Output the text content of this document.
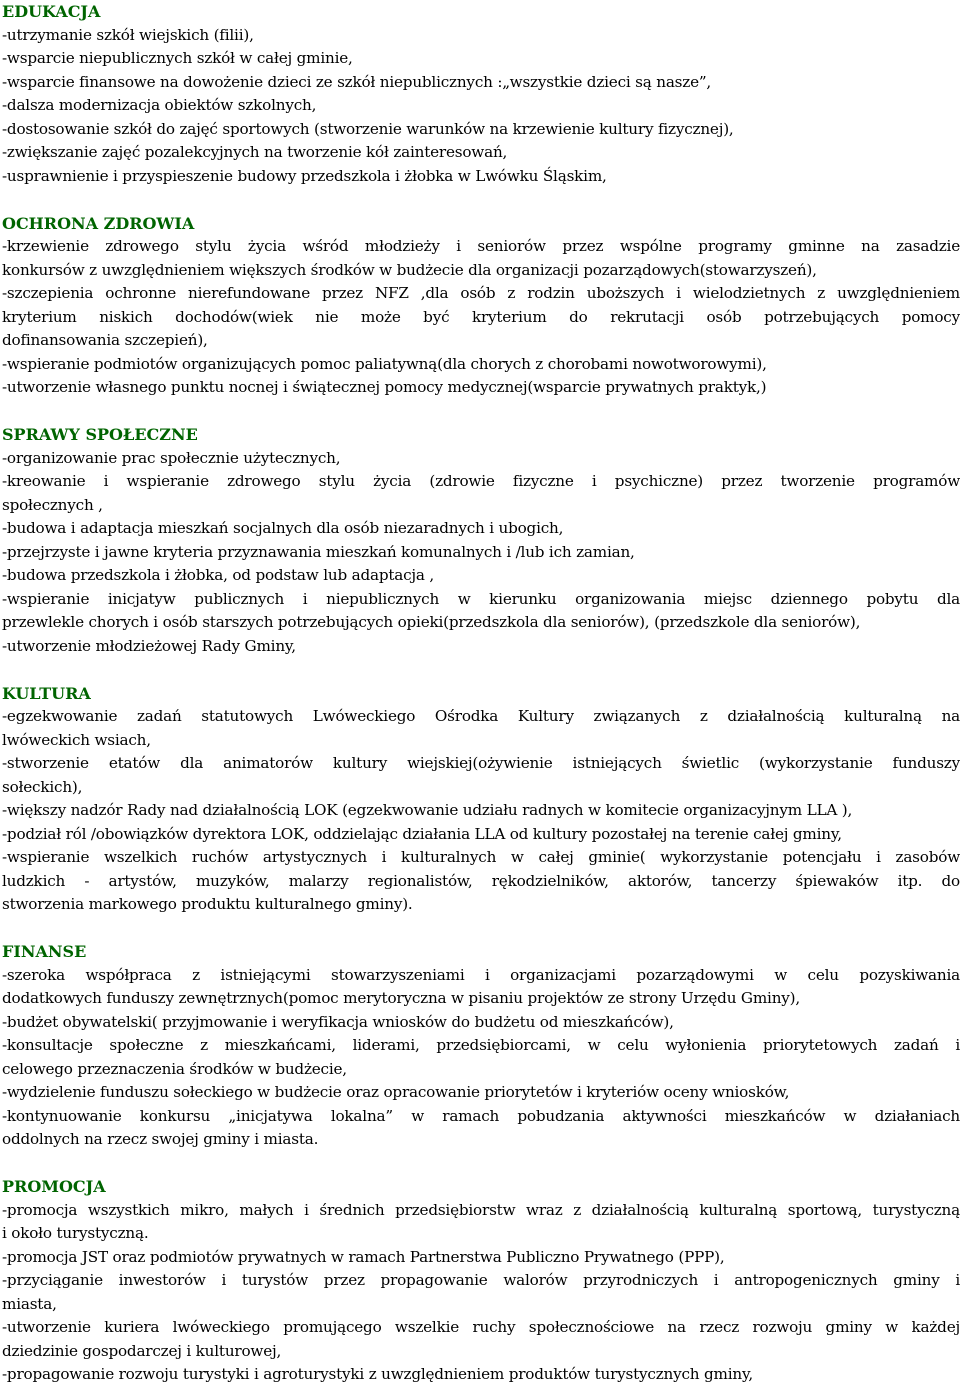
EDUKACJA
-utrzymanie szkół wiejskich (filii),
-wsparcie niepublicznych szkół w całej gminie,
-wsparcie finansowe na dowożenie dzieci ze szkół niepublicznych :„wszystkie dzieci są nasze”,
-dalsza modernizacja obiektów szkolnych,
-dostosowanie szkół do zajęć sportowych (stworzenie warunków na krzewienie kultury fizycznej),
-zwiększanie zajęć pozalekcyjnych na tworzenie kół zainteresowań,
-usprawnienie i przyspieszenie budowy przedszkola i żłobka w Lwówku Śląskim,
OCHRONA ZDROWIA
-krzewienie zdrowego stylu życia wśród młodzieży i seniorów przez wspólne programy gminne na zasadzie
konkursów z uwzględnieniem większych środków w budżecie dla organizacji pozarządowych(stowarzyszeń),
-szczepienia ochronne nierefundowane przez NFZ ,dla osób z rodzin uboższych i wielodzietnych z uwzględnieniem
kryterium niskich dochodów(wiek nie może być kryterium do rekrutacji osób potrzebujących pomocy
dofinansowania szczepień),
-wspieranie podmiotów organizujących pomoc paliatywną(dla chorych z chorobami nowotworowymi),
-utworzenie własnego punktu nocnej i świątecznej pomocy medycznej(wsparcie prywatnych praktyk,)
SPRAWY SPOŁECZNE
-organizowanie prac społecznie użytecznych,
-kreowanie i wspieranie zdrowego stylu życia (zdrowie fizyczne i psychiczne) przez tworzenie programów
społecznych ,
-budowa i adaptacja mieszkań socjalnych dla osób niezaradnych i ubogich,
-przejrzyste i jawne kryteria przyznawania mieszkań komunalnych i /lub ich zamian,
-budowa przedszkola i żłobka, od podstaw lub adaptacja ,
-wspieranie inicjatyw publicznych i niepublicznych w kierunku organizowania miejsc dziennego pobytu dla
przewlekle chorych i osób starszych potrzebujących opieki(przedszkola dla seniorów), (przedszkole dla seniorów),
-utworzenie młodzieżowej Rady Gminy,
KULTURA
-egzekwowanie zadań statutowych Lwóweckiego Ośrodka Kultury związanych z działalnością kulturalną na
lwóweckich wsiach,
-stworzenie etatów dla animatorów kultury wiejskiej(ożywienie istniejących świetlic (wykorzystanie funduszy
sołeckich),
-większy nadzór Rady nad działalnością LOK (egzekwowanie udziału radnych w komitecie organizacyjnym LLA ),
-podział ról /obowiązków dyrektora LOK, oddzielając działania LLA od kultury pozostałej na terenie całej gminy,
-wspieranie wszelkich ruchów artystycznych i kulturalnych w całej gminie( wykorzystanie potencjału i zasobów
ludzkich - artystów, muzyków, malarzy regionalistów, rękodzielników, aktorów, tancerzy śpiewaków itp. do
stworzenia markowego produktu kulturalnego gminy).
FINANSE
-szeroka współpraca z istniejącymi stowarzyszeniami i organizacjami pozarządowymi w celu pozyskiwania
dodatkowych funduszy zewnętrznych(pomoc merytoryczna w pisaniu projektów ze strony Urzędu Gminy),
-budżet obywatelski( przyjmowanie i weryfikacja wniosków do budżetu od mieszkańców),
-konsultacje społeczne z mieszkańcami, liderami, przedsiębiorcami, w celu wyłonienia priorytetowych zadań i
celowego przeznaczenia środków w budżecie,
-wydzielenie funduszu sołeckiego w budżecie oraz opracowanie priorytetów i kryteriów oceny wniosków,
-kontynuowanie konkursu „inicjatywa lokalna” w ramach pobudzania aktywności mieszkańców w działaniach
oddolnych na rzecz swojej gminy i miasta.
PROMOCJA
-promocja wszystkich mikro, małych i średnich przedsiębiorstw wraz z działalnością kulturalną sportową, turystyczną
i około turystyczną.
-promocja JST oraz podmiotów prywatnych w ramach Partnerstwa Publiczno Prywatnego (PPP),
-przyciąganie inwestorów i turystów przez propagowanie walorów przyrodniczych i antropogenicznych gminy i
miasta,
-utworzenie kuriera lwóweckiego promującego wszelkie ruchy społecznościowe na rzecz rozwoju gminy w każdej
dziedzinie gospodarczej i kulturowej,
-propagowanie rozwoju turystyki i agroturystyki z uwzględnieniem produktów turystycznych gminy,
